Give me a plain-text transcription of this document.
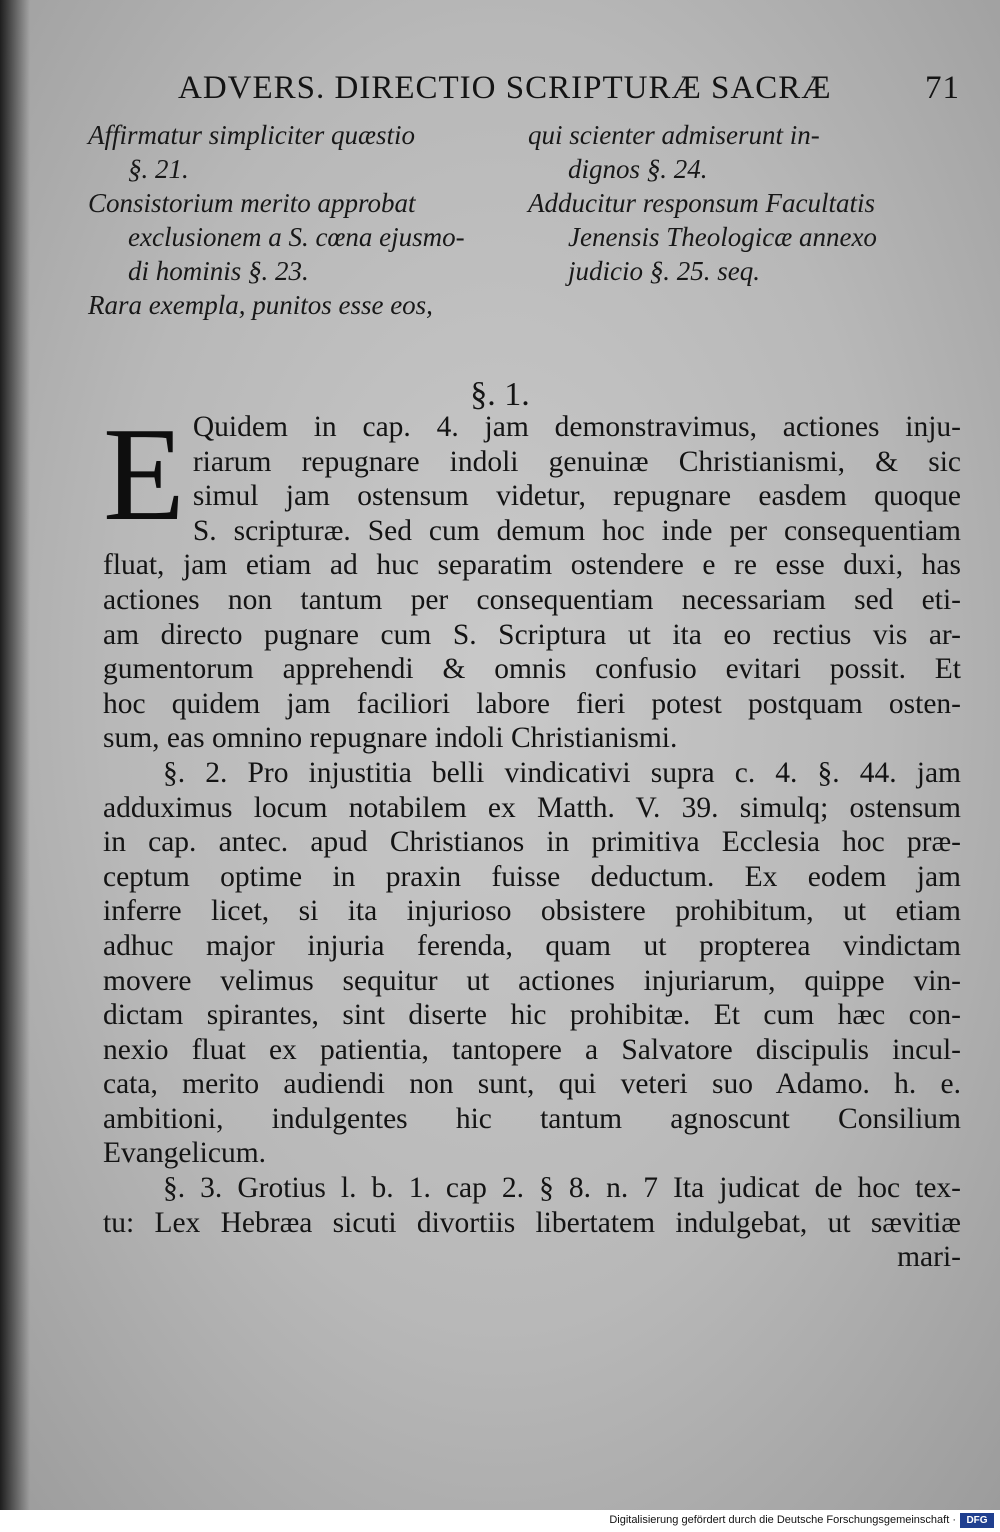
ADVERS. DIRECTIO SCRIPTURÆ SACRÆ	71

Affirmatur simpliciter quæstio
§. 21.

Consistorium merito approbat
exclusionem a S. cœna ejusmo-
di hominis §. 23.

Rara exempla, punitos esse eos,

qui scienter admiserunt in-
dignos §. 24.

Adducitur responsum Facultatis
Jenensis Theologicæ annexo
judicio §. 25. seq.

§. 1.

E Quidem in cap. 4. jam demonstravimus, actiones inju-
riarum repugnare indoli genuinæ Christianismi, & sic
simul jam ostensum videtur, repugnare easdem quoque
S. scripturæ. Sed cum demum hoc inde per consequentiam
fluat, jam etiam ad huc separatim ostendere e re esse duxi, has
actiones non tantum per consequentiam necessariam sed eti-
am directo pugnare cum S. Scriptura ut ita eo rectius vis ar-
gumentorum apprehendi & omnis confusio evitari possit. Et
hoc quidem jam faciliori labore fieri potest postquam osten-
sum, eas omnino repugnare indoli Christianismi.

§. 2. Pro injustitia belli vindicativi supra c. 4. §. 44. jam
adduximus locum notabilem ex Matth. V. 39. simulq; ostensum
in cap. antec. apud Christianos in primitiva Ecclesia hoc præ-
ceptum optime in praxin fuisse deductum. Ex eodem jam
inferre licet, si ita injurioso obsistere prohibitum, ut etiam
adhuc major injuria ferenda, quam ut propterea vindictam
movere velimus sequitur ut actiones injuriarum, quippe vin-
dictam spirantes, sint diserte hic prohibitæ. Et cum hæc con-
nexio fluat ex patientia, tantopere a Salvatore discipulis incul-
cata, merito audiendi non sunt, qui veteri suo Adamo. h. e.
ambitioni, indulgentes hic tantum agnoscunt Consilium
Evangelicum.

§. 3. Grotius l. b. 1. cap 2. § 8. n. 7 Ita judicat de hoc tex-
tu: Lex Hebræa sicuti divortiis libertatem indulgebat, ut sævitiæ
mari-

Digitalisierung gefördert durch die Deutsche Forschungsgemeinschaft ·	DFG
